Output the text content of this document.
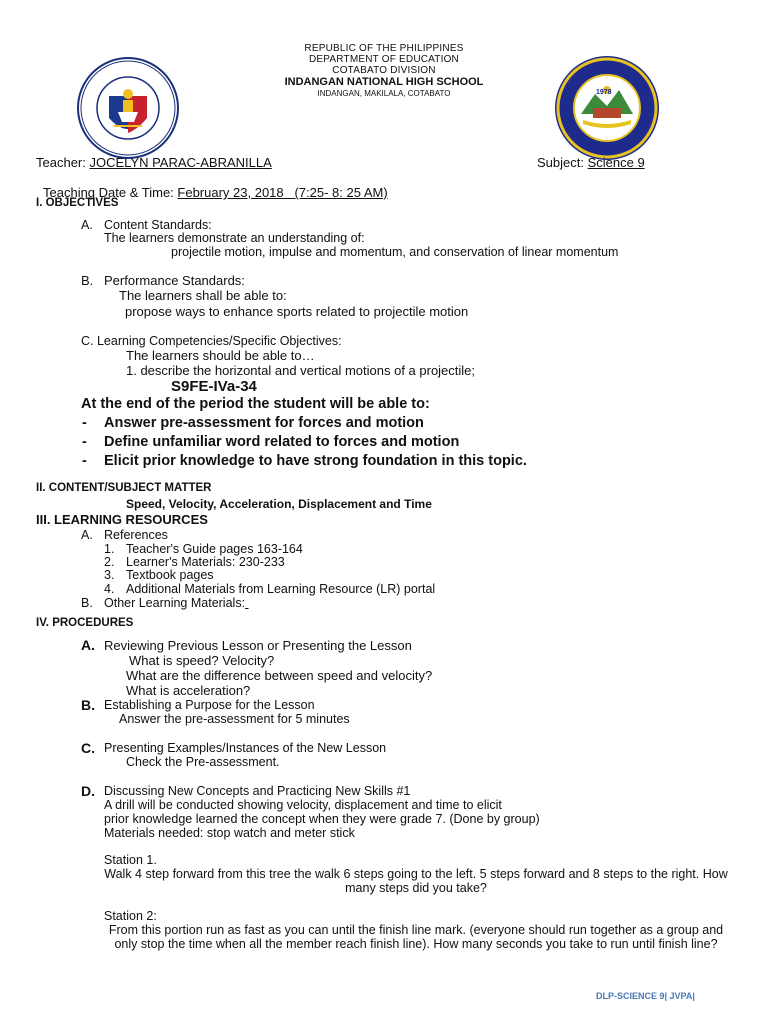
1978
REPUBLIC OF THE PHILIPPINES
DEPARTMENT OF EDUCATION
COTABATO DIVISION
INDANGAN NATIONAL HIGH SCHOOL
INDANGAN, MAKILALA, COTABATO
Teacher: JOCELYN PARAC-ABRANILLA	Subject: Science 9

Teaching Date & Time: February 23, 2018   (7:25- 8: 25 AM)

I. OBJECTIVES
A. Content Standards:
The learners demonstrate an understanding of:
projectile motion, impulse and momentum, and conservation of linear momentum
B. Performance Standards:
The learners shall be able to:
propose ways to enhance sports related to projectile motion
C. Learning Competencies/Specific Objectives:
The learners should be able to…
1. describe the horizontal and vertical motions of a projectile;
S9FE-IVa-34
At the end of the period the student will be able to:
- Answer pre-assessment for forces and motion
- Define unfamiliar word related to forces and motion
- Elicit prior knowledge to have strong foundation in this topic.
II. CONTENT/SUBJECT MATTER
Speed, Velocity, Acceleration, Displacement and Time
III. LEARNING RESOURCES
A. References
1. Teacher's Guide pages 163-164
2. Learner's Materials: 230-233
3. Textbook pages
4. Additional Materials from Learning Resource (LR) portal
B. Other Learning Materials:
IV. PROCEDURES
A. Reviewing Previous Lesson or Presenting the Lesson
What is speed? Velocity?
What are the difference between speed and velocity?
What is acceleration?
B. Establishing a Purpose for the Lesson
Answer the pre-assessment for 5 minutes
C. Presenting Examples/Instances of the New Lesson
Check the Pre-assessment.
D. Discussing New Concepts and Practicing New Skills #1
A drill will be conducted showing velocity, displacement and time to elicit
prior knowledge learned the concept when they were grade 7. (Done by group)
Materials needed: stop watch and meter stick
Station 1.
Walk 4 step forward from this tree the walk 6 steps going to the left. 5 steps forward and 8 steps to the right. How many steps did you take?
Station 2:
From this portion run as fast as you can until the finish line mark. (everyone should run together as a group and only stop the time when all the member reach finish line). How many seconds you take to run until finish line?
DLP-SCIENCE 9| JVPA|
